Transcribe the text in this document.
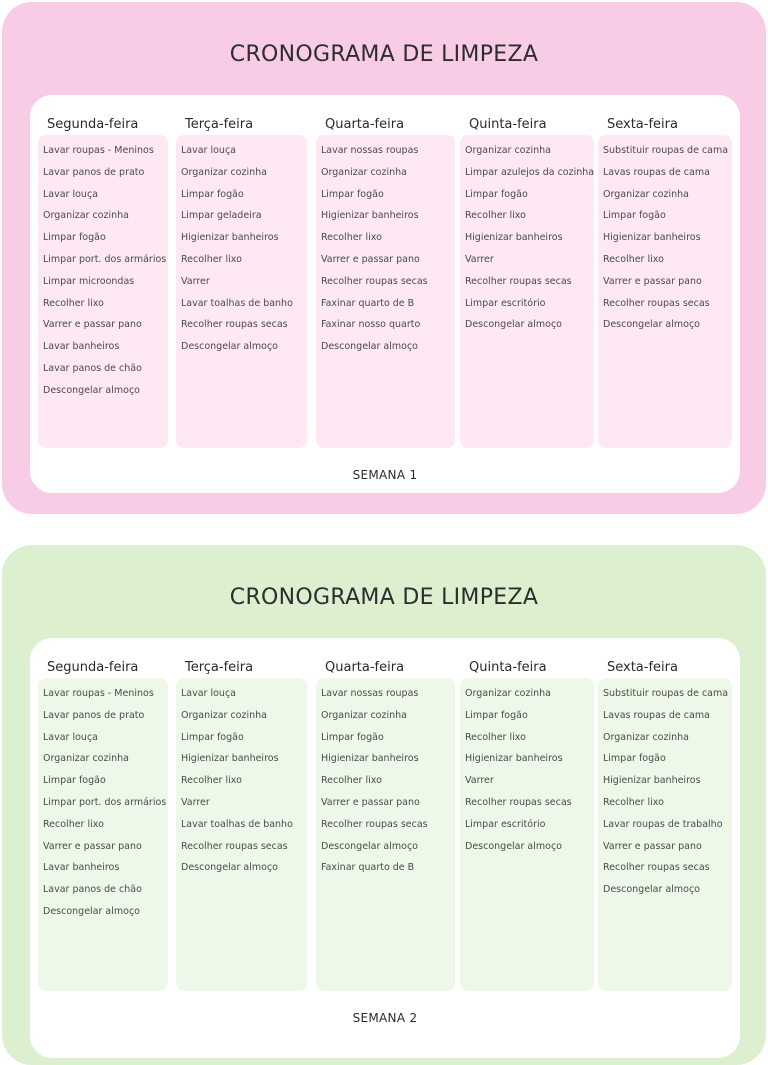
CRONOGRAMA DE LIMPEZA
SEMANA 1
Segunda-feira
Lavar roupas - Meninos
Lavar panos de prato
Lavar louça
Organizar cozinha
Limpar fogão
Limpar port. dos armários
Limpar microondas
Recolher lixo
Varrer e passar pano
Lavar banheiros
Lavar panos de chão
Descongelar almoço
Terça-feira
Lavar louça
Organizar cozinha
Limpar fogão
Limpar geladeira
Higienizar banheiros
Recolher lixo
Varrer
Lavar toalhas de banho
Recolher roupas secas
Descongelar almoço
Quarta-feira
Lavar nossas roupas
Organizar cozinha
Limpar fogão
Higienizar banheiros
Recolher lixo
Varrer e passar pano
Recolher roupas secas
Faxinar quarto de B
Faxinar nosso quarto
Descongelar almoço
Quinta-feira
Organizar cozinha
Limpar azulejos da cozinha
Limpar fogão
Recolher lixo
Higienizar banheiros
Varrer
Recolher roupas secas
Limpar escritório
Descongelar almoço
Sexta-feira
Substituir roupas de cama
Lavas roupas de cama
Organizar cozinha
Limpar fogão
Higienizar banheiros
Recolher lixo
Varrer e passar pano
Recolher roupas secas
Descongelar almoço
CRONOGRAMA DE LIMPEZA
SEMANA 2
Segunda-feira
Lavar roupas - Meninos
Lavar panos de prato
Lavar louça
Organizar cozinha
Limpar fogão
Limpar port. dos armários
Recolher lixo
Varrer e passar pano
Lavar banheiros
Lavar panos de chão
Descongelar almoço
Terça-feira
Lavar louça
Organizar cozinha
Limpar fogão
Higienizar banheiros
Recolher lixo
Varrer
Lavar toalhas de banho
Recolher roupas secas
Descongelar almoço
Quarta-feira
Lavar nossas roupas
Organizar cozinha
Limpar fogão
Higienizar banheiros
Recolher lixo
Varrer e passar pano
Recolher roupas secas
Descongelar almoço
Faxinar quarto de B
Quinta-feira
Organizar cozinha
Limpar fogão
Recolher lixo
Higienizar banheiros
Varrer
Recolher roupas secas
Limpar escritório
Descongelar almoço
Sexta-feira
Substituir roupas de cama
Lavas roupas de cama
Organizar cozinha
Limpar fogão
Higienizar banheiros
Recolher lixo
Lavar roupas de trabalho
Varrer e passar pano
Recolher roupas secas
Descongelar almoço
